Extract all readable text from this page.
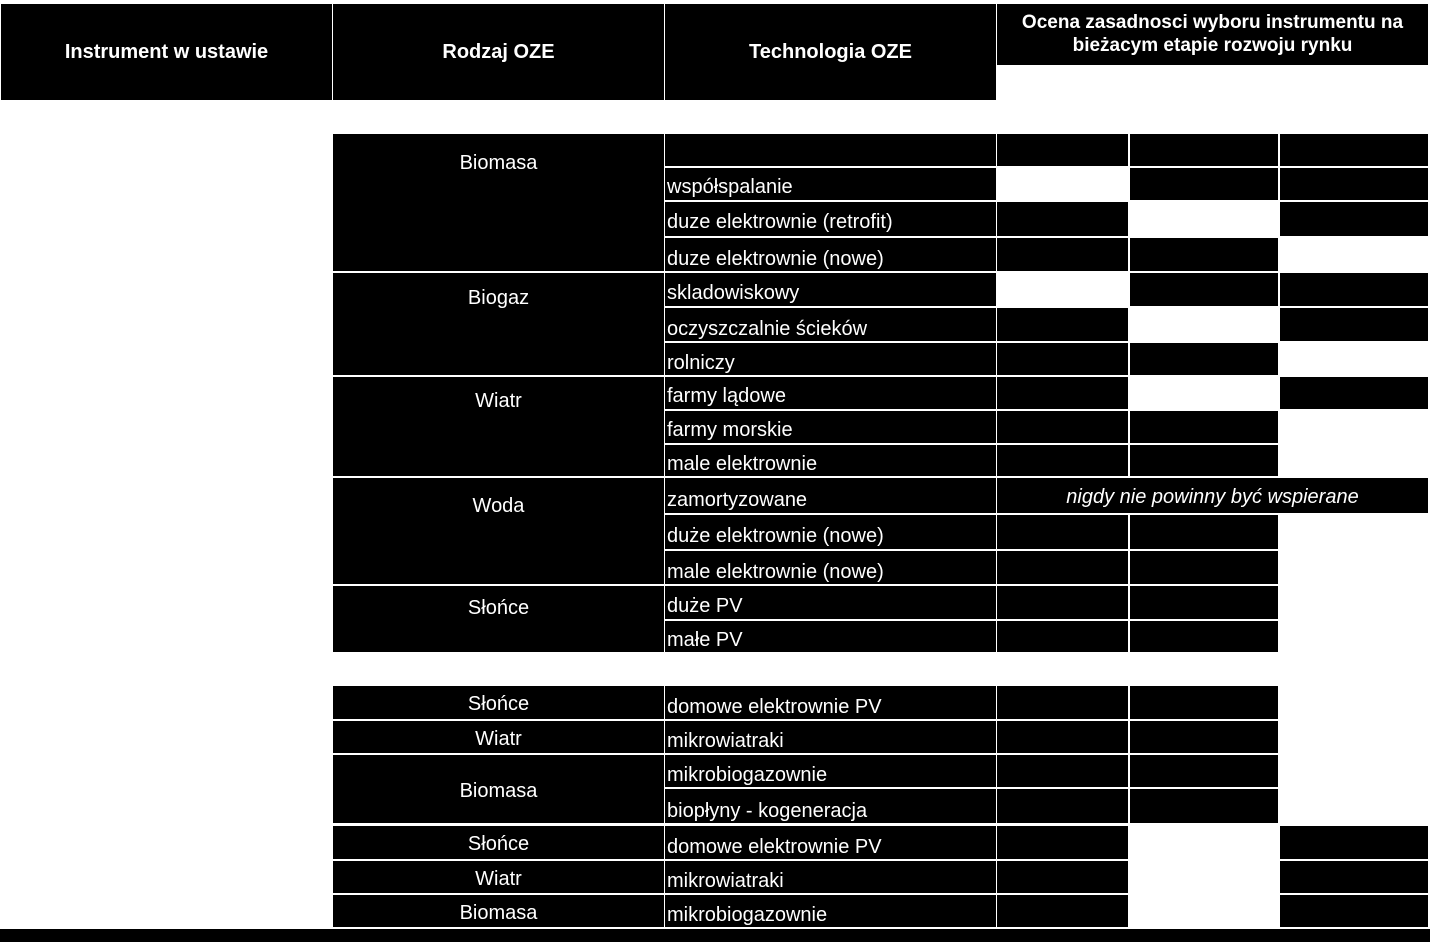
Instrument w ustawie	Rodzaj OZE	Technologia OZE
Ocena zasadnosci wyboru instrumentu na bieżacym etapie rozwoju rynku
Biomasa
Biogaz
Wiatr
Woda
Słońce
współspalanie
duze elektrownie (retrofit)
duze elektrownie (nowe)
skladowiskowy
oczyszczalnie ścieków
rolniczy
farmy lądowe
farmy morskie
male elektrownie
zamortyzowane
duże elektrownie (nowe)
male elektrownie (nowe)
duże PV
małe PV
nigdy nie powinny być wspierane
Słońce
Wiatr
Biomasa
domowe elektrownie PV
mikrowiatraki
mikrobiogazownie
biopłyny - kogeneracja
Słońce
Wiatr
Biomasa
domowe elektrownie PV
mikrowiatraki
mikrobiogazownie
